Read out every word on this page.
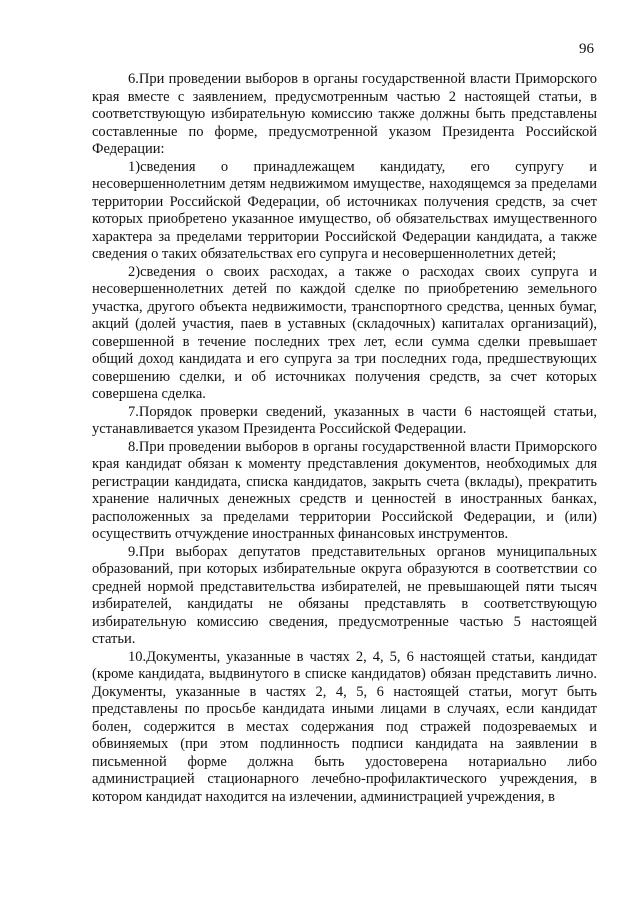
96

6.При проведении выборов в органы государственной власти Приморского края вместе с заявлением, предусмотренным частью 2 настоящей статьи, в соответствующую избирательную комиссию также должны быть представлены составленные по форме, предусмотренной указом Президента Российской Федерации:

1)сведения о принадлежащем кандидату, его супругу и несовершеннолетним детям недвижимом имуществе, находящемся за пределами территории Российской Федерации, об источниках получения средств, за счет которых приобретено указанное имущество, об обязательствах имущественного характера за пределами территории Российской Федерации кандидата, а также сведения о таких обязательствах его супруга и несовершеннолетних детей;

2)сведения о своих расходах, а также о расходах своих супруга и несовершеннолетних детей по каждой сделке по приобретению земельного участка, другого объекта недвижимости, транспортного средства, ценных бумаг, акций (долей участия, паев в уставных (складочных) капиталах организаций), совершенной в течение последних трех лет, если сумма сделки превышает общий доход кандидата и его супруга за три последних года, предшествующих совершению сделки, и об источниках получения средств, за счет которых совершена сделка.

7.Порядок проверки сведений, указанных в части 6 настоящей статьи, устанавливается указом Президента Российской Федерации.

8.При проведении выборов в органы государственной власти Приморского края кандидат обязан к моменту представления документов, необходимых для регистрации кандидата, списка кандидатов, закрыть счета (вклады), прекратить хранение наличных денежных средств и ценностей в иностранных банках, расположенных за пределами территории Российской Федерации, и (или) осуществить отчуждение иностранных финансовых инструментов.

9.При выборах депутатов представительных органов муниципальных образований, при которых избирательные округа образуются в соответствии со средней нормой представительства избирателей, не превышающей пяти тысяч избирателей, кандидаты не обязаны представлять в соответствующую избирательную комиссию сведения, предусмотренные частью 5 настоящей статьи.

10.Документы, указанные в частях 2, 4, 5, 6 настоящей статьи, кандидат (кроме кандидата, выдвинутого в списке кандидатов) обязан представить лично. Документы, указанные в частях 2, 4, 5, 6 настоящей статьи, могут быть представлены по просьбе кандидата иными лицами в случаях, если кандидат болен, содержится в местах содержания под стражей подозреваемых и обвиняемых (при этом подлинность подписи кандидата на заявлении в письменной форме должна быть удостоверена нотариально либо администрацией стационарного лечебно-профилактического учреждения, в котором кандидат находится на излечении, администрацией учреждения, в
